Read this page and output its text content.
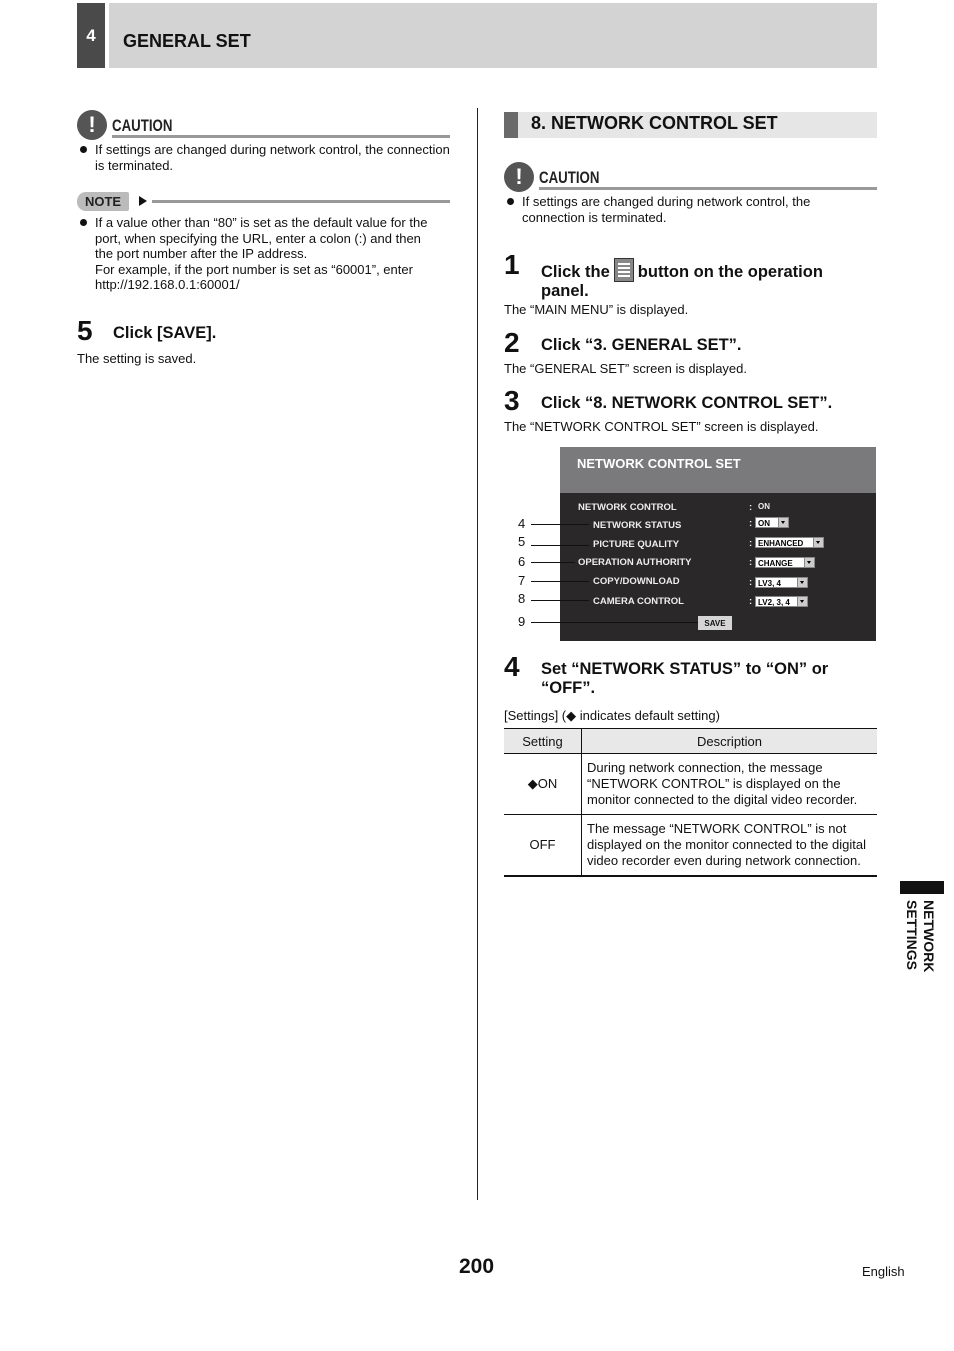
4	GENERAL SET
! CAUTION
If settings are changed during network control, the connection is terminated.
NOTE
If a value other than “80” is set as the default value for the
port, when specifying the URL, enter a colon (:) and then
the port number after the IP address.
For example, if the port number is set as “60001”, enter
http://192.168.0.1:60001/
5 Click [SAVE].
The setting is saved.
8. NETWORK CONTROL SET
! CAUTION
If settings are changed during network control, the connection is terminated.
1 Click the button on the operation
panel.
The “MAIN MENU” is displayed.
2 Click “3. GENERAL SET”.
The “GENERAL SET” screen is displayed.
3 Click “8. NETWORK CONTROL SET”.
The “NETWORK CONTROL SET” screen is displayed.
NETWORK CONTROL SET
NETWORK CONTROL	: ON
NETWORK STATUS	: ON
PICTURE QUALITY	: ENHANCED
OPERATION AUTHORITY	: CHANGE
COPY/DOWNLOAD	: LV3, 4
CAMERA CONTROL	: LV2, 3, 4
SAVE
4
5
6
7
8
9
4 Set “NETWORK STATUS” to “ON” or
“OFF”.
[Settings] (◆ indicates default setting)
Setting	Description
◆ON	During network connection, the message “NETWORK CONTROL” is displayed on the monitor connected to the digital video recorder.
OFF	The message “NETWORK CONTROL” is not displayed on the monitor connected to the digital video recorder even during network connection.
NETWORK
SETTINGS
200	English
